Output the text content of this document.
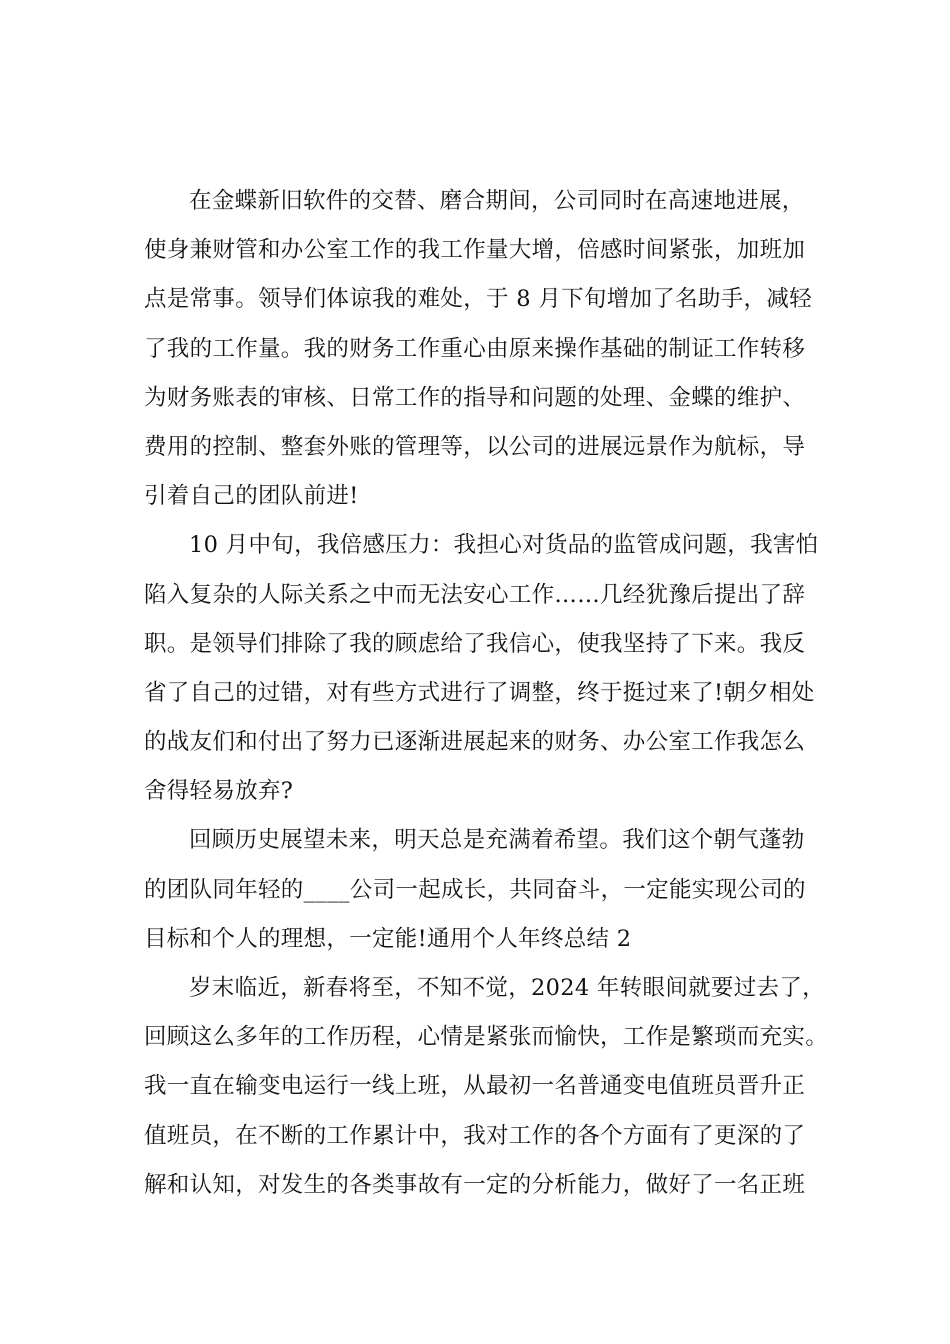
在金蝶新旧软件的交替、磨合期间，公司同时在高速地进展，
使身兼财管和办公室工作的我工作量大增，倍感时间紧张，加班加
点是常事。领导们体谅我的难处，于 8 月下旬增加了名助手，减轻
了我的工作量。我的财务工作重心由原来操作基础的制证工作转移
为财务账表的审核、日常工作的指导和问题的处理、金蝶的维护、
费用的控制、整套外账的管理等，以公司的进展远景作为航标，导
引着自己的团队前进!
10 月中旬，我倍感压力：我担心对货品的监管成问题，我害怕
陷入复杂的人际关系之中而无法安心工作……几经犹豫后提出了辞
职。是领导们排除了我的顾虑给了我信心，使我坚持了下来。我反
省了自己的过错，对有些方式进行了调整，终于挺过来了!朝夕相处
的战友们和付出了努力已逐渐进展起来的财务、办公室工作我怎么
舍得轻易放弃?
回顾历史展望未来，明天总是充满着希望。我们这个朝气蓬勃
的团队同年轻的____公司一起成长，共同奋斗，一定能实现公司的
目标和个人的理想，一定能!通用个人年终总结 2
岁末临近，新春将至，不知不觉，2024 年转眼间就要过去了，
回顾这么多年的工作历程，心情是紧张而愉快，工作是繁琐而充实。
我一直在输变电运行一线上班，从最初一名普通变电值班员晋升正
值班员，在不断的工作累计中，我对工作的各个方面有了更深的了
解和认知，对发生的各类事故有一定的分析能力，做好了一名正班
